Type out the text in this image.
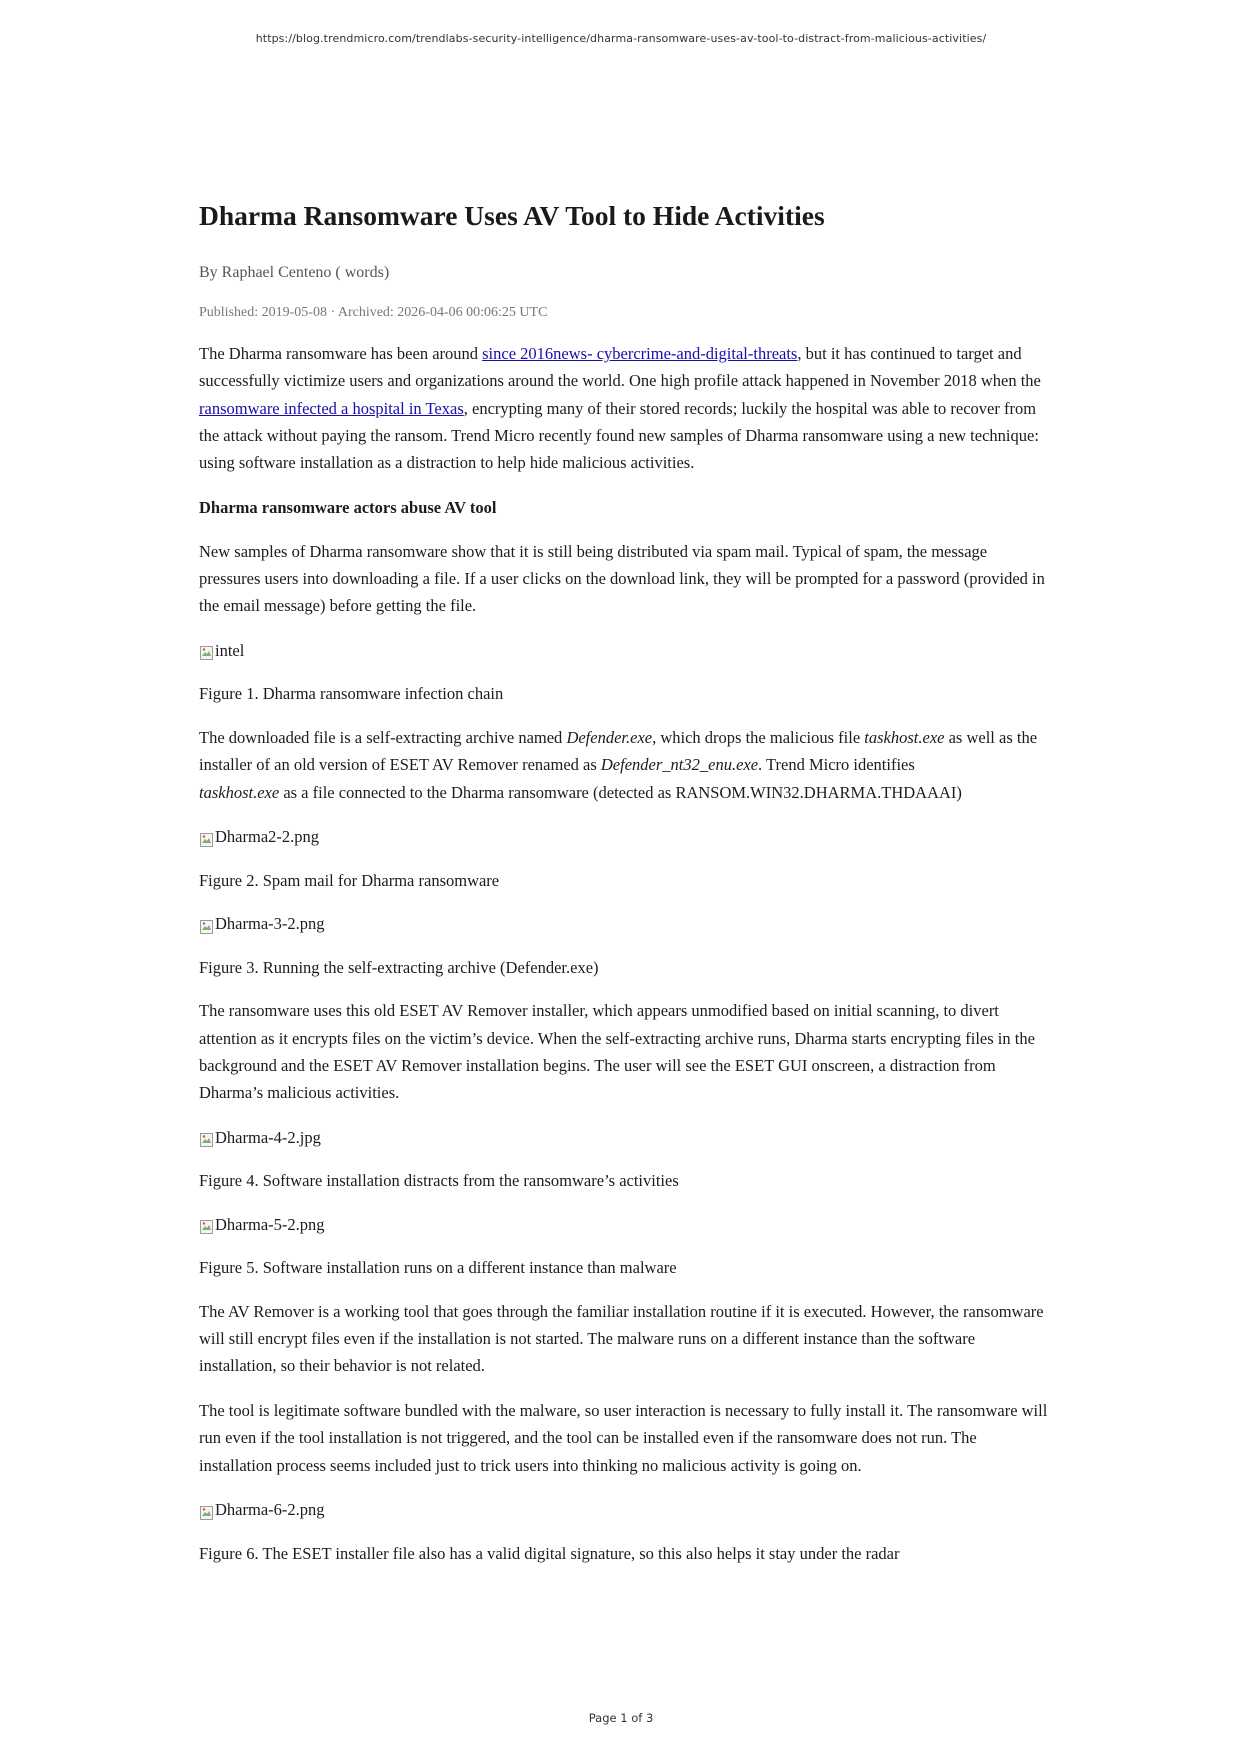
https://blog.trendmicro.com/trendlabs-security-intelligence/dharma-ransomware-uses-av-tool-to-distract-from-malicious-activities/
Dharma Ransomware Uses AV Tool to Hide Activities
By Raphael Centeno ( words)
Published: 2019-05-08 · Archived: 2026-04-06 00:06:25 UTC

The Dharma ransomware has been around since 2016news- cybercrime-and-digital-threats, but it has continued to target and successfully victimize users and organizations around the world. One high profile attack happened in November 2018 when the ransomware infected a hospital in Texas, encrypting many of their stored records; luckily the hospital was able to recover from the attack without paying the ransom. Trend Micro recently found new samples of Dharma ransomware using a new technique: using software installation as a distraction to help hide malicious activities.

Dharma ransomware actors abuse AV tool

New samples of Dharma ransomware show that it is still being distributed via spam mail. Typical of spam, the message pressures users into downloading a file. If a user clicks on the download link, they will be prompted for a password (provided in the email message) before getting the file.

intel
Figure 1. Dharma ransomware infection chain

The downloaded file is a self-extracting archive named Defender.exe, which drops the malicious file taskhost.exe as well as the installer of an old version of ESET AV Remover renamed as Defender_nt32_enu.exe. Trend Micro identifies
taskhost.exe as a file connected to the Dharma ransomware (detected as RANSOM.WIN32.DHARMA.THDAAAI)

Dharma2-2.png
Figure 2. Spam mail for Dharma ransomware
Dharma-3-2.png
Figure 3. Running the self-extracting archive (Defender.exe)

The ransomware uses this old ESET AV Remover installer, which appears unmodified based on initial scanning, to divert attention as it encrypts files on the victim’s device. When the self-extracting archive runs, Dharma starts encrypting files in the background and the ESET AV Remover installation begins. The user will see the ESET GUI onscreen, a distraction from Dharma’s malicious activities.

Dharma-4-2.jpg
Figure 4. Software installation distracts from the ransomware’s activities
Dharma-5-2.png
Figure 5. Software installation runs on a different instance than malware

The AV Remover is a working tool that goes through the familiar installation routine if it is executed. However, the ransomware will still encrypt files even if the installation is not started. The malware runs on a different instance than the software installation, so their behavior is not related.

The tool is legitimate software bundled with the malware, so user interaction is necessary to fully install it. The ransomware will run even if the tool installation is not triggered, and the tool can be installed even if the ransomware does not run. The installation process seems included just to trick users into thinking no malicious activity is going on.

Dharma-6-2.png
Figure 6. The ESET installer file also has a valid digital signature, so this also helps it stay under the radar
Page 1 of 3
